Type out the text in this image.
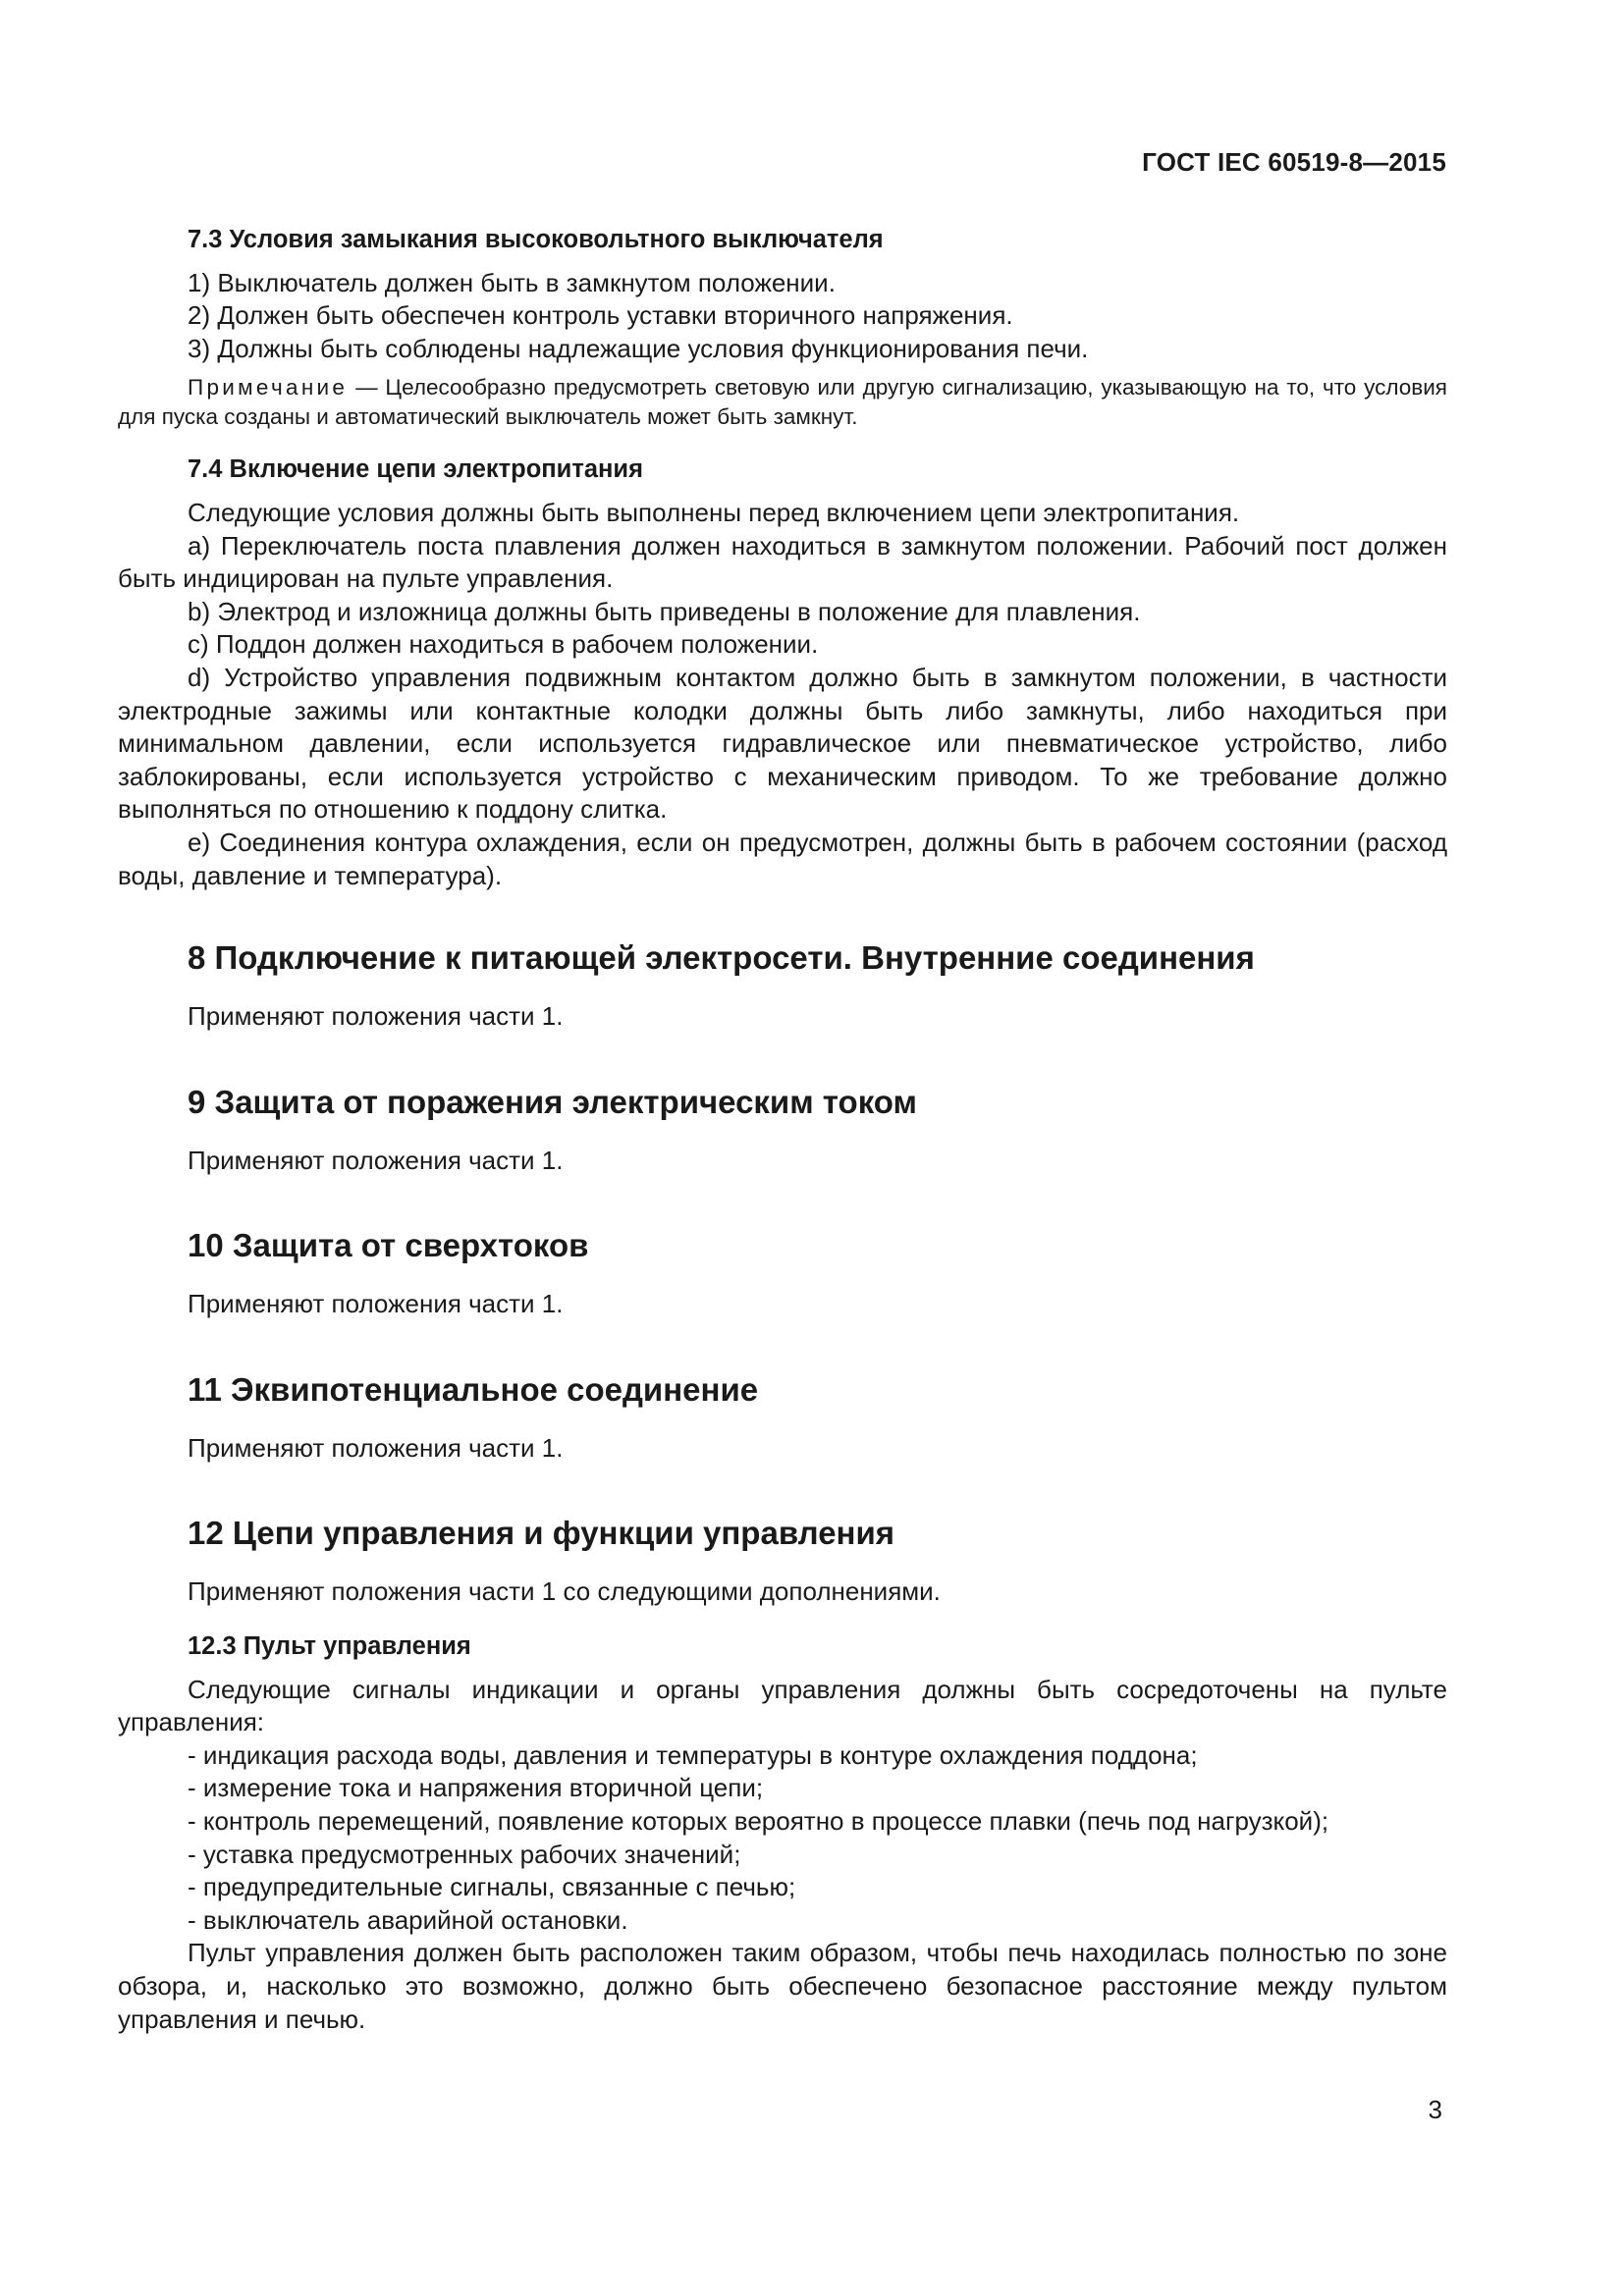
ГОСТ IEC 60519-8—2015
7.3 Условия замыкания высоковольтного выключателя

1) Выключатель должен быть в замкнутом положении.

2) Должен быть обеспечен контроль уставки вторичного напряжения.

3) Должны быть соблюдены надлежащие условия функционирования печи.

Примечание — Целесообразно предусмотреть световую или другую сигнализацию, указывающую на то, что условия для пуска созданы и автоматический выключатель может быть замкнут.

7.4 Включение цепи электропитания

Следующие условия должны быть выполнены перед включением цепи электропитания.

a) Переключатель поста плавления должен находиться в замкнутом положении. Рабочий пост должен быть индицирован на пульте управления.

b) Электрод и изложница должны быть приведены в положение для плавления.

c) Поддон должен находиться в рабочем положении.

d) Устройство управления подвижным контактом должно быть в замкнутом положении, в частности электродные зажимы или контактные колодки должны быть либо замкнуты, либо находиться при минимальном давлении, если используется гидравлическое или пневматическое устройство, либо заблокированы, если используется устройство с механическим приводом. То же требование должно выполняться по отношению к поддону слитка.

e) Соединения контура охлаждения, если он предусмотрен, должны быть в рабочем состоянии (расход воды, давление и температура).

8 Подключение к питающей электросети. Внутренние соединения

Применяют положения части 1.

9 Защита от поражения электрическим током

Применяют положения части 1.

10 Защита от сверхтоков

Применяют положения части 1.

11 Эквипотенциальное соединение

Применяют положения части 1.

12 Цепи управления и функции управления

Применяют положения части 1 со следующими дополнениями.

12.3 Пульт управления

Следующие сигналы индикации и органы управления должны быть сосредоточены на пульте управления:

- индикация расхода воды, давления и температуры в контуре охлаждения поддона;

- измерение тока и напряжения вторичной цепи;

- контроль перемещений, появление которых вероятно в процессе плавки (печь под нагрузкой);

- уставка предусмотренных рабочих значений;

- предупредительные сигналы, связанные с печью;

- выключатель аварийной остановки.

Пульт управления должен быть расположен таким образом, чтобы печь находилась полностью по зоне обзора, и, насколько это возможно, должно быть обеспечено безопасное расстояние между пультом управления и печью.

3
